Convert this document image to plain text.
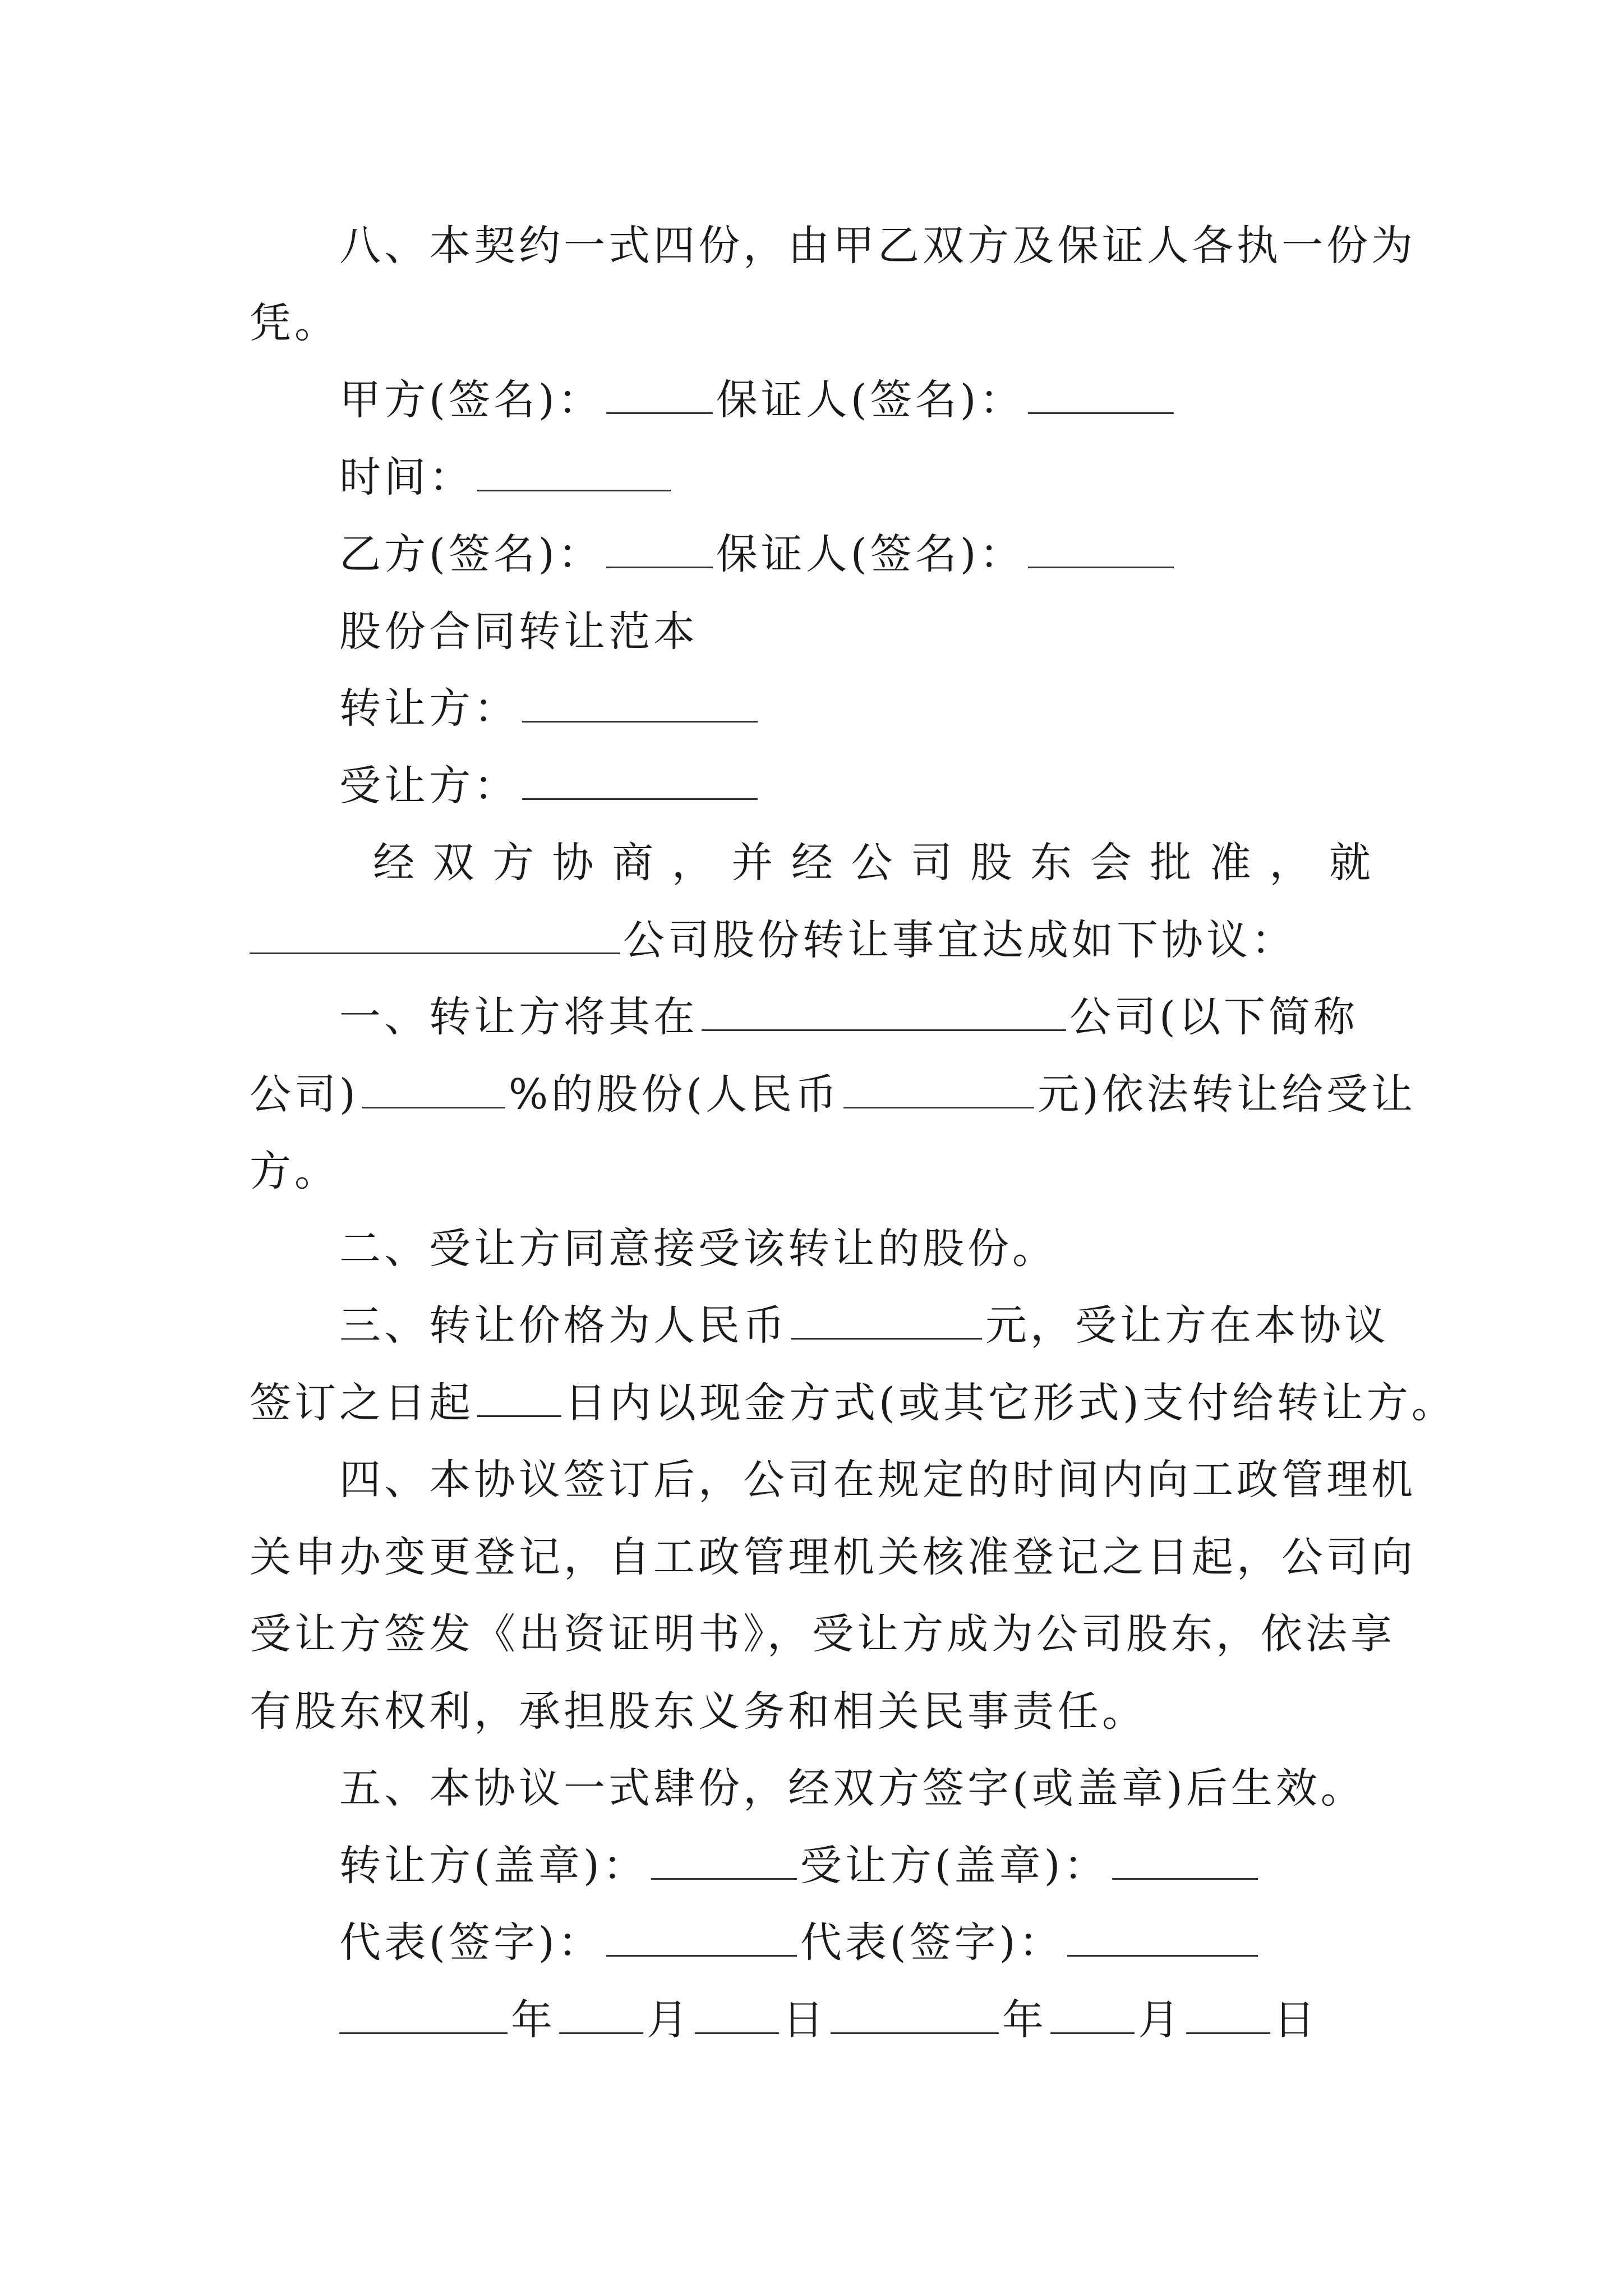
八、本契约一式四份，由甲乙双方及保证人各执一份为
凭。
甲方(签名)：	保证人(签名)：
时间：
乙方(签名)：	保证人(签名)：
股份合同转让范本
转让方：
受让方：
经双方协商，并经公司股东会批准，就
公司股份转让事宜达成如下协议：
一、转让方将其在	公司(以下简称
公司)	%的股份(人民币	元)依法转让给受让
方。
二、受让方同意接受该转让的股份。
三、转让价格为人民币	元，受让方在本协议
签订之日起 日内以现金方式(或其它形式)支付给转让方。
四、本协议签订后，公司在规定的时间内向工政管理机
关申办变更登记，自工政管理机关核准登记之日起，公司向
受让方签发《出资证明书》，受让方成为公司股东，依法享
有股东权利，承担股东义务和相关民事责任。
五、本协议一式肆份，经双方签字(或盖章)后生效。
转让方(盖章)：	受让方(盖章)：
代表(签字)：	代表(签字)：
年 月 日	年 月 日
